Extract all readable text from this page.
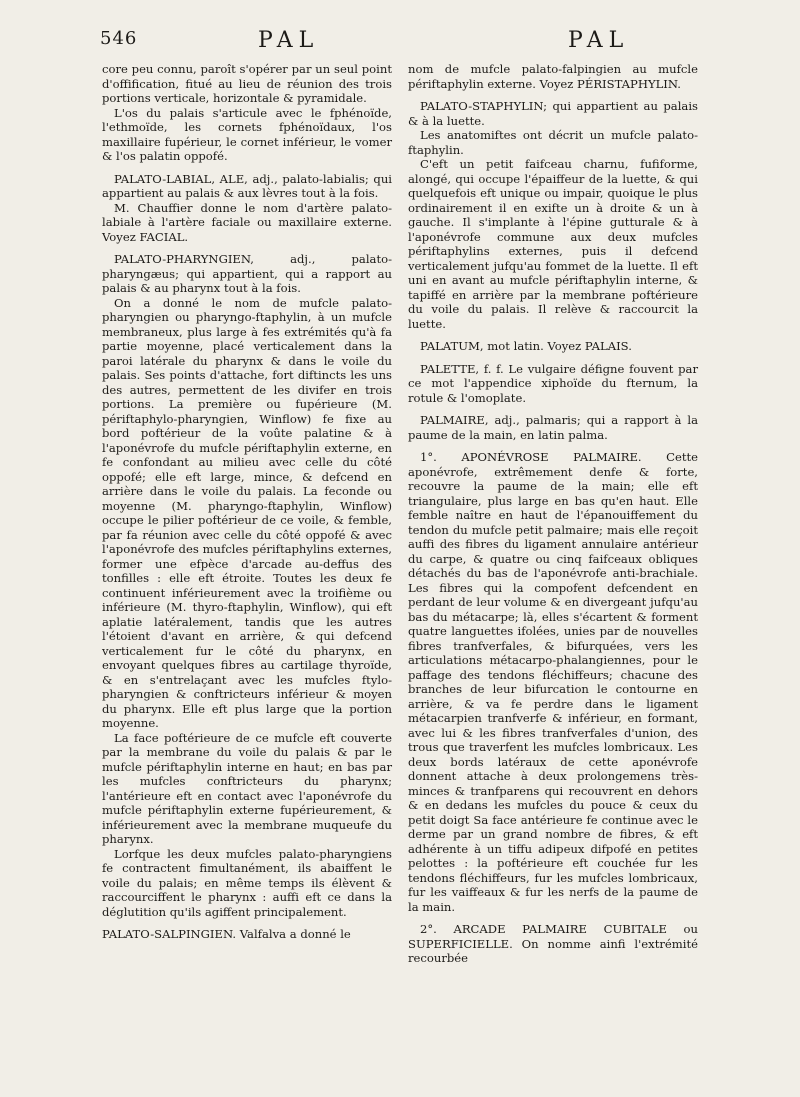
546	PAL	PAL

core peu connu, paroît s'opérer par un seul point d'offification, fitué au lieu de réunion des trois portions verticale, horizontale & pyramidale.

L'os du palais s'articule avec le fphénoïde, l'ethmoïde, les cornets fphénoïdaux, l'os maxillaire fupérieur, le cornet inférieur, le vomer & l'os palatin oppofé.

PALATO-LABIAL, ALE, adj., palato-labialis; qui appartient au palais & aux lèvres tout à la fois.

M. Chauffier donne le nom d'artère palato-labiale à l'artère faciale ou maxillaire externe. Voyez FACIAL.

PALATO-PHARYNGIEN, adj., palato-pharyngæus; qui appartient, qui a rapport au palais & au pharynx tout à la fois.

On a donné le nom de mufcle palato-pharyngien ou pharyngo-ftaphylin, à un mufcle membraneux, plus large à fes extrémités qu'à fa partie moyenne, placé verticalement dans la paroi latérale du pharynx & dans le voile du palais. Ses points d'attache, fort diftincts les uns des autres, permettent de les divifer en trois portions. La première ou fupérieure (M. périftaphylo-pharyngien, Winflow) fe fixe au bord poftérieur de la voûte palatine & à l'aponévrofe du mufcle périftaphylin externe, en fe confondant au milieu avec celle du côté oppofé; elle eft large, mince, & defcend en arrière dans le voile du palais. La feconde ou moyenne (M. pharyngo-ftaphylin, Winflow) occupe le pilier poftérieur de ce voile, & femble, par fa réunion avec celle du côté oppofé & avec l'aponévrofe des mufcles périftaphylins externes, former une efpèce d'arcade au-deffus des tonfilles : elle eft étroite. Toutes les deux fe continuent inférieurement avec la troifième ou inférieure (M. thyro-ftaphylin, Winflow), qui eft aplatie latéralement, tandis que les autres l'étoient d'avant en arrière, & qui defcend verticalement fur le côté du pharynx, en envoyant quelques fibres au cartilage thyroïde, & en s'entrelaçant avec les mufcles ftylo-pharyngien & conftricteurs inférieur & moyen du pharynx. Elle eft plus large que la portion moyenne.

La face poftérieure de ce mufcle eft couverte par la membrane du voile du palais & par le mufcle périftaphylin interne en haut; en bas par les mufcles conftricteurs du pharynx; l'antérieure eft en contact avec l'aponévrofe du mufcle périftaphylin externe fupérieurement, & inférieurement avec la membrane muqueufe du pharynx.

Lorfque les deux mufcles palato-pharyngiens fe contractent fimultanément, ils abaiffent le voile du palais; en même temps ils élèvent & raccourciffent le pharynx : auffi eft ce dans la déglutition qu'ils agiffent principalement.

PALATO-SALPINGIEN. Valfalva a donné le

nom de mufcle palato-falpingien au mufcle périftaphylin externe. Voyez PÉRISTAPHYLIN.

PALATO-STAPHYLIN; qui appartient au palais & à la luette.

Les anatomiftes ont décrit un mufcle palato-ftaphylin.

C'eft un petit faifceau charnu, fufiforme, alongé, qui occupe l'épaiffeur de la luette, & qui quelquefois eft unique ou impair, quoique le plus ordinairement il en exifte un à droite & un à gauche. Il s'implante à l'épine gutturale & à l'aponévrofe commune aux deux mufcles périftaphylins externes, puis il defcend verticalement jufqu'au fommet de la luette. Il eft uni en avant au mufcle périftaphylin interne, & tapiffé en arrière par la membrane poftérieure du voile du palais. Il relève & raccourcit la luette.

PALATUM, mot latin. Voyez PALAIS.

PALETTE, f. f. Le vulgaire défigne fouvent par ce mot l'appendice xiphoïde du fternum, la rotule & l'omoplate.

PALMAIRE, adj., palmaris; qui a rapport à la paume de la main, en latin palma.

1°. APONÉVROSE PALMAIRE. Cette aponévrofe, extrêmement denfe & forte, recouvre la paume de la main; elle eft triangulaire, plus large en bas qu'en haut. Elle femble naître en haut de l'épanouiffement du tendon du mufcle petit palmaire; mais elle reçoit auffi des fibres du ligament annulaire antérieur du carpe, & quatre ou cinq faifceaux obliques détachés du bas de l'aponévrofe anti-brachiale. Les fibres qui la compofent defcendent en perdant de leur volume & en divergeant jufqu'au bas du métacarpe; là, elles s'écartent & forment quatre languettes ifolées, unies par de nouvelles fibres tranfverfales, & bifurquées, vers les articulations métacarpo-phalangiennes, pour le paffage des tendons fléchiffeurs; chacune des branches de leur bifurcation le contourne en arrière, & va fe perdre dans le ligament métacarpien tranfverfe & inférieur, en formant, avec lui & les fibres tranfverfales d'union, des trous que traverfent les mufcles lombricaux. Les deux bords latéraux de cette aponévrofe donnent attache à deux prolongemens très-minces & tranfparens qui recouvrent en dehors & en dedans les mufcles du pouce & ceux du petit doigt Sa face antérieure fe continue avec le derme par un grand nombre de fibres, & eft adhérente à un tiffu adipeux difpofé en petites pelottes : la poftérieure eft couchée fur les tendons fléchiffeurs, fur les mufcles lombricaux, fur les vaiffeaux & fur les nerfs de la paume de la main.

2°. ARCADE PALMAIRE CUBITALE ou SUPERFICIELLE. On nomme ainfi l'extrémité recourbée
